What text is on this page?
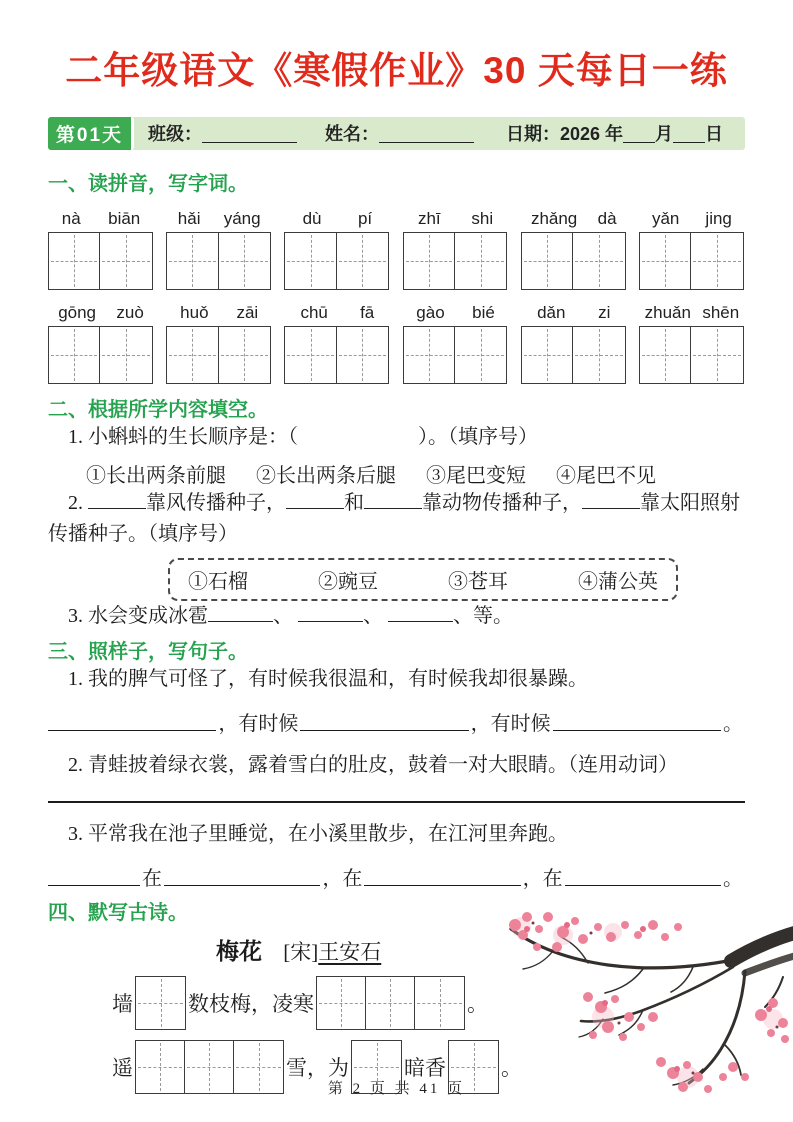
二年级语文《寒假作业》30 天每日一练
第01天	班级：	姓名：	日期：2026 年 月 日

一、读拼音，写字词。

nà biān hǎi yáng dù pí	zhī shi zhǎng dà yǎn jing
gōng zuò huǒ zāi chū fā gào bié dǎn zi zhuǎn shēn

二、根据所学内容填空。

1. 小蝌蚪的生长顺序是：（　　　　　　）。（填序号）

①长出两条前腿 ②长出两条后腿 ③尾巴变短 ④尾巴不见

2.	靠风传播种子，	和	靠动物传播种子，	靠太阳照射传播种子。（填序号）

①石榴	②豌豆	③苍耳	④蒲公英

3. 水会变成冰雹	、	、	、等。

三、照样子，写句子。

1. 我的脾气可怪了，有时候我很温和，有时候我却很暴躁。

，有时候	，有时候	。

2. 青蛙披着绿衣裳，露着雪白的肚皮，鼓着一对大眼睛。（连用动词）

3. 平常我在池子里睡觉，在小溪里散步，在江河里奔跑。

在	，在	，在	。

四、默写古诗。

梅花 [宋]王安石
墙	数枝梅，凌寒	。
遥	雪，为	暗香	。
第 2 页 共 41 页
